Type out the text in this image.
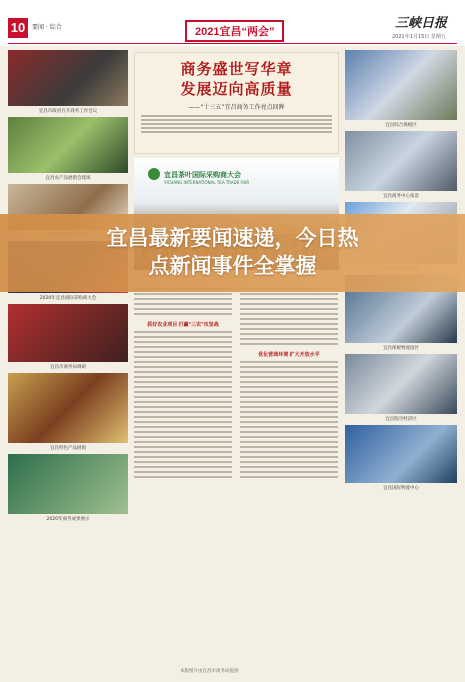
10	要闻 · 综合	2021宜昌“两会”
三峡日报
2021年1月15日 星期五
宜昌市政府召开商务工作会议
宜昌农产品展销会现场
2020年宜昌国际采购商大会
宜昌市商务局调研
宜昌特色产品展销
2020年商务成果展示
商务盛世写华章
发展迈向高质量
——“十三五”宜昌商务工作亮点回眸
宜昌茶叶国际采购商大会
YICHANG INTERNATIONAL TEA TRADE FAIR
抓好农业项目 打赢“三农”攻坚战
优化营商环境 扩大开放水平
宜昌综合保税区
宜昌商务中心夜景
宜昌保税物流园区
宜昌临空经济区
宜昌国际物流中心
本版图片由宜昌市商务局提供
宜昌最新要闻速递，今日热
点新闻事件全掌握
